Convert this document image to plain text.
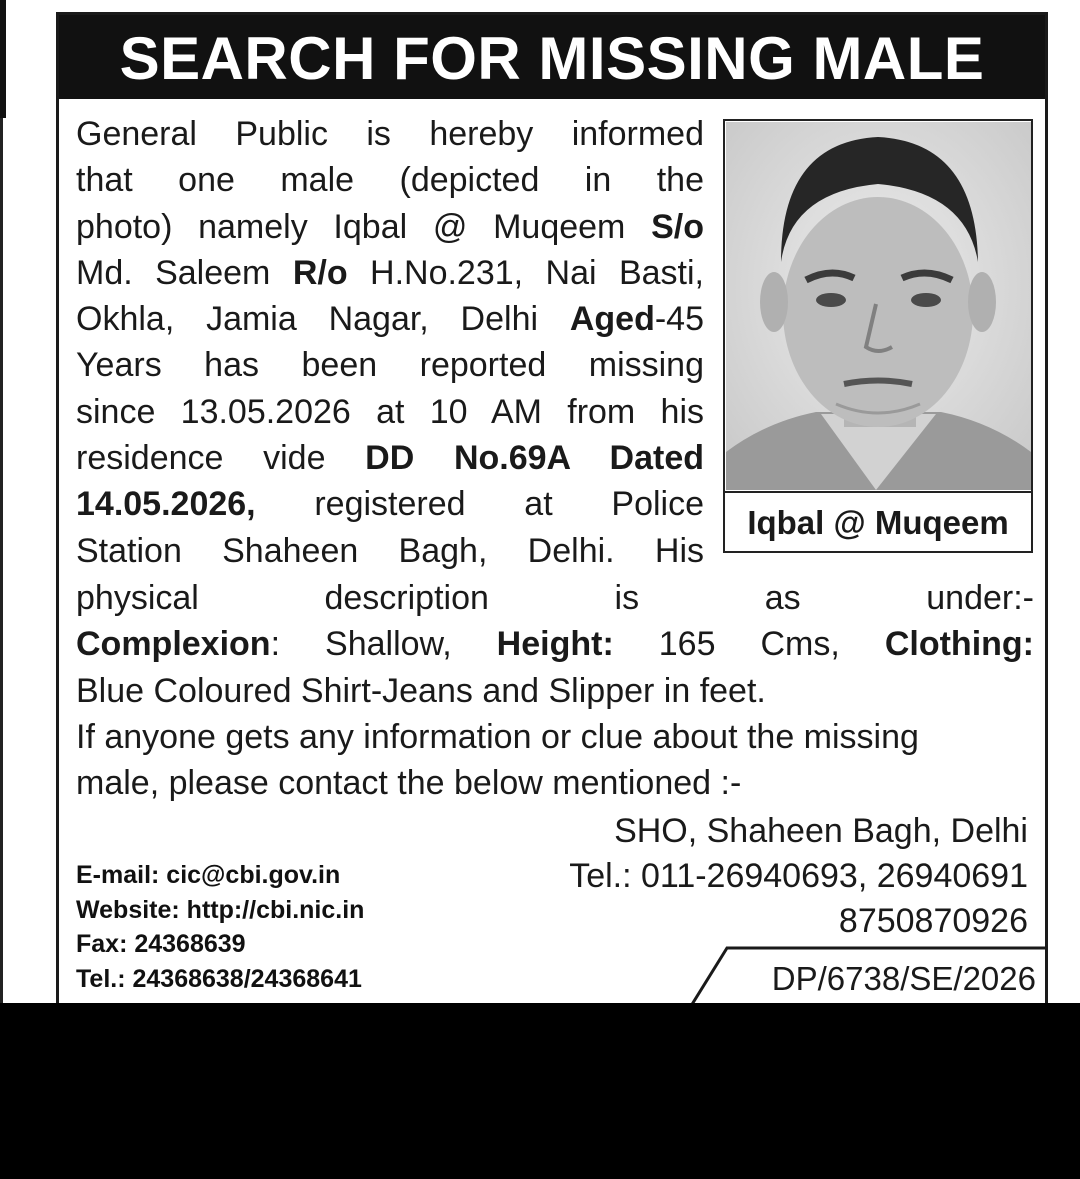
SEARCH FOR MISSING MALE

General Public is hereby informed
that one male (depicted in the
photo) namely Iqbal @ Muqeem S/o
Md. Saleem R/o H.No.231, Nai Basti,
Okhla, Jamia Nagar, Delhi Aged-45
Years has been reported missing
since 13.05.2026 at 10 AM from his
residence vide DD No.69A Dated
14.05.2026, registered at Police
Station Shaheen Bagh, Delhi. His

Iqbal @ Muqeem

physical description is as under:-
Complexion: Shallow, Height: 165 Cms, Clothing:
Blue Coloured Shirt-Jeans and Slipper in feet.
If anyone gets any information or clue about the missing
male, please contact the below mentioned :-

SHO, Shaheen Bagh, Delhi
Tel.: 011-26940693, 26940691
8750870926
E-mail: cic@cbi.gov.in
Website: http://cbi.nic.in
Fax: 24368639
Tel.: 24368638/24368641	DP/6738/SE/2026
